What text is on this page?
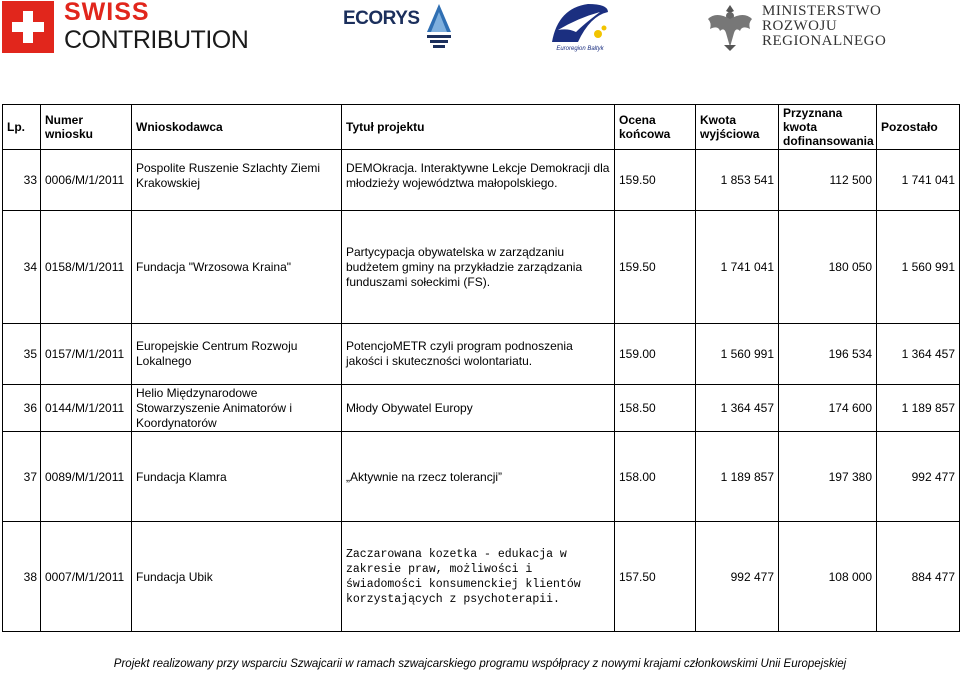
SWISS
CONTRIBUTION
ECORYS
Euroregion Baltyk
MINISTERSTWO
ROZWOJU
REGIONALNEGO
Lp.	Numer wniosku	Wnioskodawca	Tytuł projektu	Ocena końcowa	Kwota wyjściowa	Przyznana kwota dofinansowania	Pozostało
33	0006/M/1/2011	Pospolite Ruszenie Szlachty Ziemi Krakowskiej	DEMOkracja. Interaktywne Lekcje Demokracji dla młodzieży województwa małopolskiego.	159.50	1 853 541	112 500	1 741 041
34	0158/M/1/2011	Fundacja "Wrzosowa Kraina"	Partycypacja obywatelska w zarządzaniu budżetem gminy na przykładzie zarządzania funduszami sołeckimi (FS).	159.50	1 741 041	180 050	1 560 991
35	0157/M/1/2011	Europejskie Centrum Rozwoju Lokalnego	PotencjoMETR czyli program podnoszenia jakości i skuteczności wolontariatu.	159.00	1 560 991	196 534	1 364 457
36	0144/M/1/2011	Helio Międzynarodowe Stowarzyszenie Animatorów i Koordynatorów	Młody Obywatel Europy	158.50	1 364 457	174 600	1 189 857
37	0089/M/1/2011	Fundacja Klamra	„Aktywnie na rzecz tolerancji”	158.00	1 189 857	197 380	992 477
38	0007/M/1/2011	Fundacja Ubik	Zaczarowana kozetka - edukacja w zakresie praw, możliwości i świadomości konsumenckiej klientów korzystających z psychoterapii.	157.50	992 477	108 000	884 477
Projekt realizowany przy wsparciu Szwajcarii w ramach szwajcarskiego programu współpracy z nowymi krajami członkowskimi Unii Europejskiej
